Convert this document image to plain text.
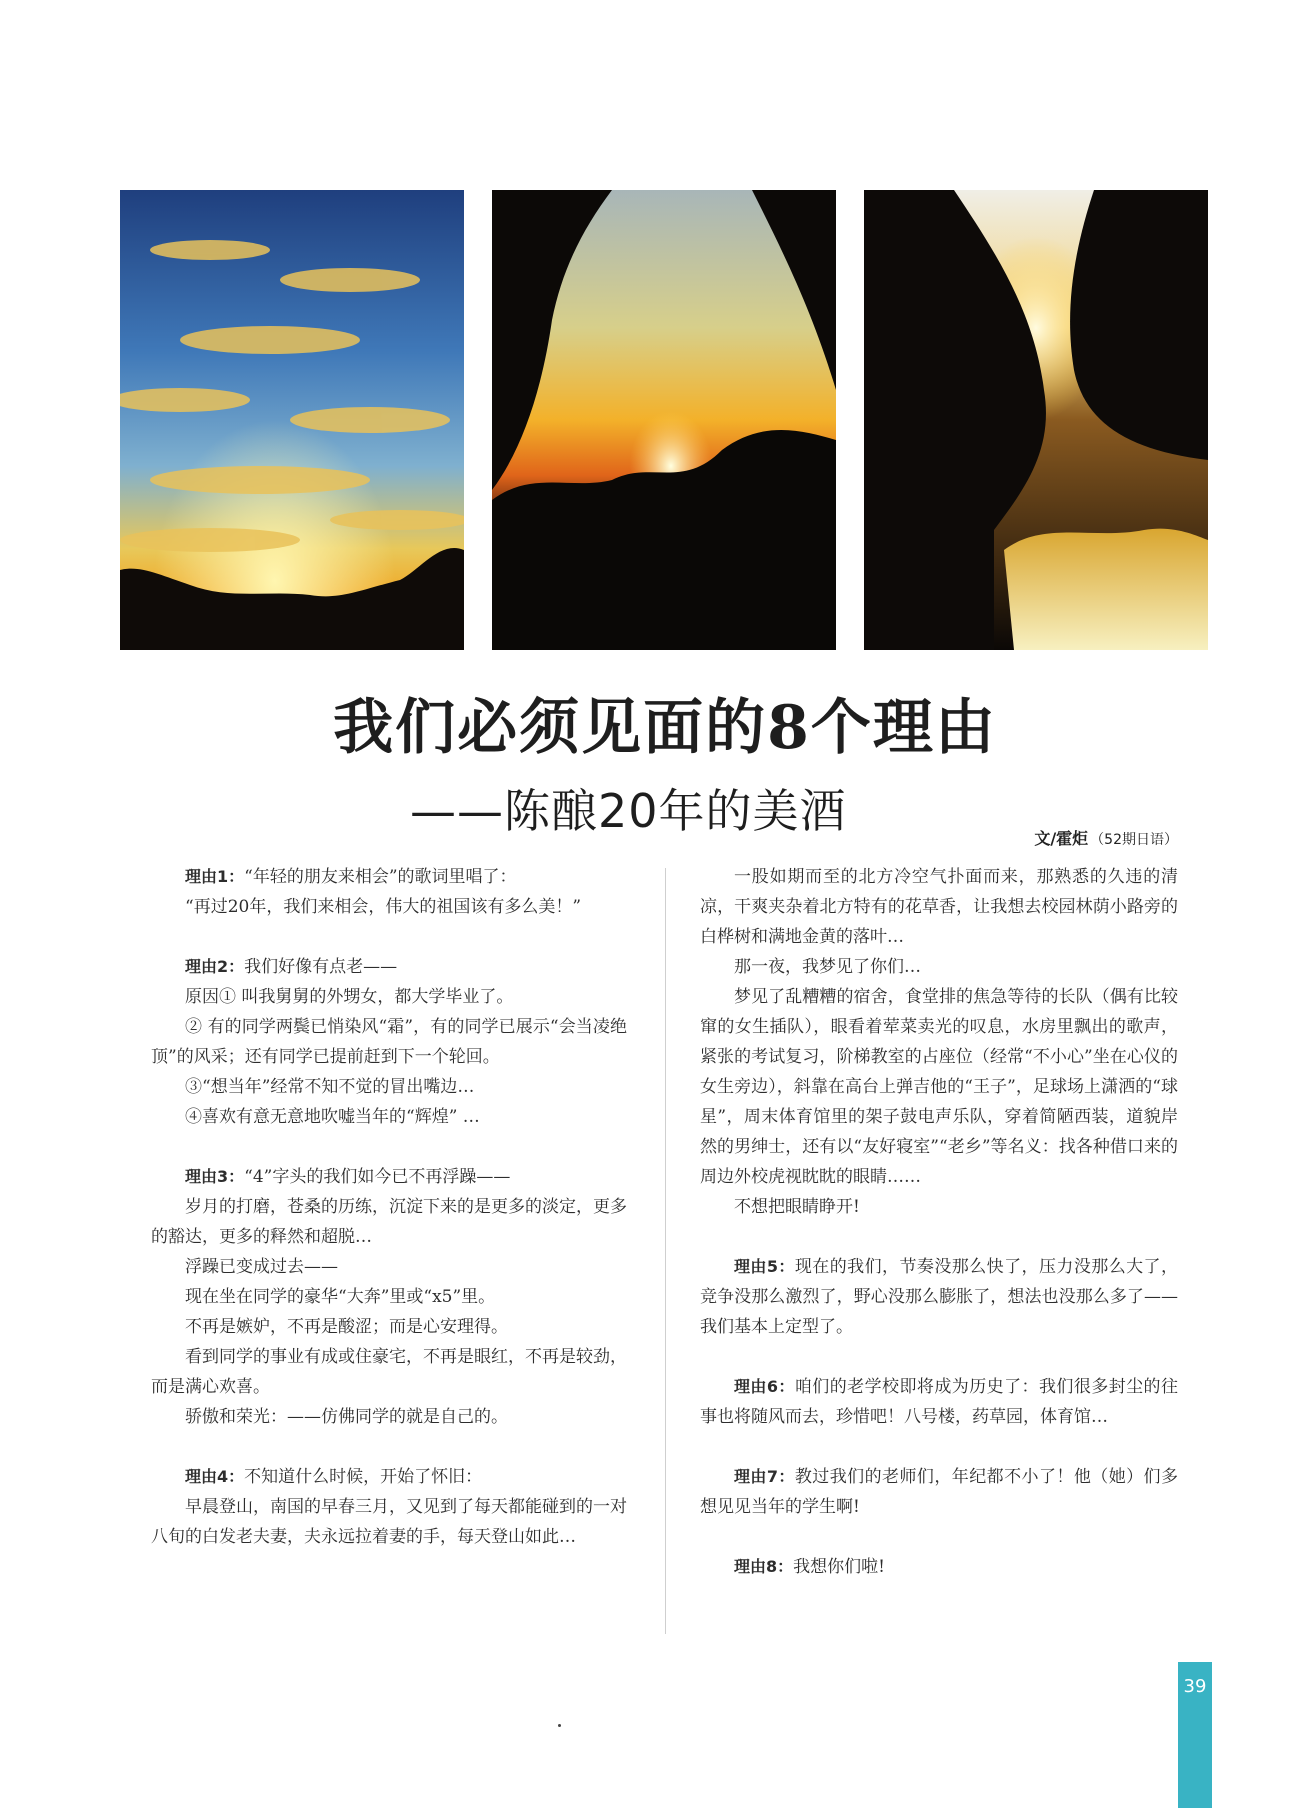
我们必须见面的8个理由
——陈酿20年的美酒
文/霍炬 （52期日语）

理由1：“年轻的朋友来相会”的歌词里唱了：

“再过20年，我们来相会，伟大的祖国该有多么美！”

理由2：我们好像有点老——

原因① 叫我舅舅的外甥女，都大学毕业了。

② 有的同学两鬓已悄染风“霜”，有的同学已展示“会当凌绝顶”的风采；还有同学已提前赶到下一个轮回。

③“想当年”经常不知不觉的冒出嘴边…

④喜欢有意无意地吹嘘当年的“辉煌” …

理由3：“4”字头的我们如今已不再浮躁——

岁月的打磨，苍桑的历练，沉淀下来的是更多的淡定，更多的豁达，更多的释然和超脱…

浮躁已变成过去——

现在坐在同学的豪华“大奔”里或“x5”里。

不再是嫉妒，不再是酸涩；而是心安理得。

看到同学的事业有成或住豪宅，不再是眼红，不再是较劲，而是满心欢喜。

骄傲和荣光：——仿佛同学的就是自己的。

理由4：不知道什么时候，开始了怀旧：

早晨登山，南国的早春三月，又见到了每天都能碰到的一对八旬的白发老夫妻，夫永远拉着妻的手，每天登山如此…

一股如期而至的北方冷空气扑面而来，那熟悉的久违的清凉，干爽夹杂着北方特有的花草香，让我想去校园林荫小路旁的白桦树和满地金黄的落叶…

那一夜，我梦见了你们…

梦见了乱糟糟的宿舍，食堂排的焦急等待的长队（偶有比较窜的女生插队），眼看着荤菜卖光的叹息，水房里飘出的歌声，紧张的考试复习，阶梯教室的占座位（经常“不小心”坐在心仪的女生旁边），斜靠在高台上弹吉他的“王子”，足球场上潇洒的“球星”，周末体育馆里的架子鼓电声乐队，穿着简陋西装，道貌岸然的男绅士，还有以“友好寝室”“老乡”等名义：找各种借口来的周边外校虎视眈眈的眼睛……

不想把眼睛睁开!

理由5：现在的我们，节奏没那么快了，压力没那么大了，竞争没那么激烈了，野心没那么膨胀了，想法也没那么多了——我们基本上定型了。

理由6：咱们的老学校即将成为历史了：我们很多封尘的往事也将随风而去，珍惜吧！八号楼，药草园，体育馆…

理由7：教过我们的老师们，年纪都不小了！他（她）们多想见见当年的学生啊!

理由8：我想你们啦!

39
